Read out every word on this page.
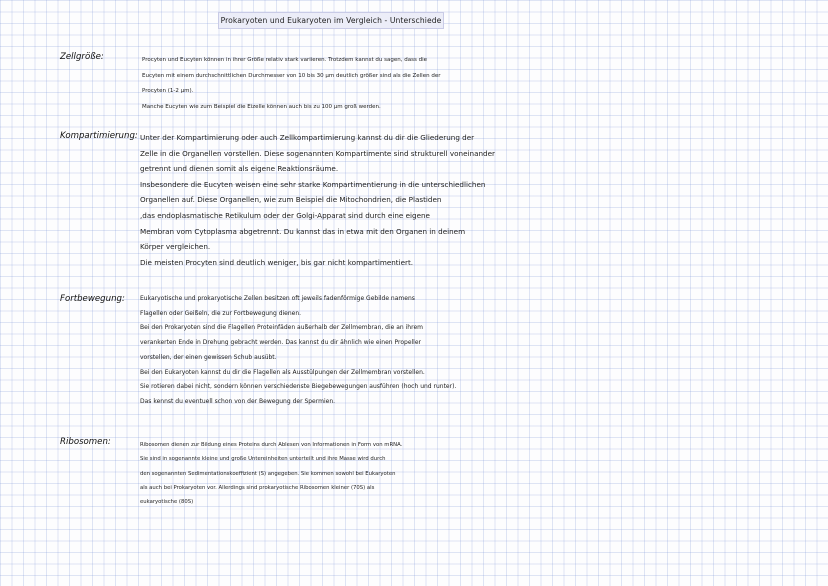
Prokaryoten und Eukaryoten im Vergleich - Unterschiede
Zellgröße:	Procyten und Eucyten können in ihrer Größe relativ stark variieren. Trotzdem kannst du sagen, dass die
Eucyten mit einem durchschnittlichen Durchmesser von 10 bis 30 µm deutlich größer sind als die Zellen der
Procyten (1-2 µm).
Manche Eucyten wie zum Beispiel die Eizelle können auch bis zu 100 µm groß werden.
Kompartimierung: Unter der Kompartimierung oder auch Zellkompartimierung kannst du dir die Gliederung der
Zelle in die Organellen vorstellen. Diese sogenannten Kompartimente sind strukturell voneinander
getrennt und dienen somit als eigene Reaktionsräume.
Insbesondere die Eucyten weisen eine sehr starke Kompartimentierung in die unterschiedlichen
Organellen auf. Diese Organellen, wie zum Beispiel die Mitochondrien, die Plastiden
,das endoplasmatische Retikulum oder der Golgi-Apparat sind durch eine eigene
Membran vom Cytoplasma abgetrennt. Du kannst das in etwa mit den Organen in deinem
Körper vergleichen.
Die meisten Procyten sind deutlich weniger, bis gar nicht kompartimentiert.
Fortbewegung:	Eukaryotische und prokaryotische Zellen besitzen oft jeweils fadenförmige Gebilde namens
Flagellen oder Geißeln, die zur Fortbewegung dienen.
Bei den Prokaryoten sind die Flagellen Proteinfäden außerhalb der Zellmembran, die an ihrem
verankerten Ende in Drehung gebracht werden. Das kannst du dir ähnlich wie einen Propeller
vorstellen, der einen gewissen Schub ausübt.
Bei den Eukaryoten kannst du dir die Flagellen als Ausstülpungen der Zellmembran vorstellen.
Sie rotieren dabei nicht, sondern können verschiedenste Biegebewegungen ausführen (hoch und runter).
Das kennst du eventuell schon von der Bewegung der Spermien.
Ribosomen:	Ribosomen dienen zur Bildung eines Proteins durch Ablesen von Informationen in Form von mRNA.
Sie sind in sogenannte kleine und große Untereinheiten unterteilt und ihre Masse wird durch
den sogenannten Sedimentationskoeffizient (S) angegeben. Sie kommen sowohl bei Eukaryoten
als auch bei Prokaryoten vor. Allerdings sind prokaryotische Ribosomen kleiner (70S) als
eukaryotische (80S)
